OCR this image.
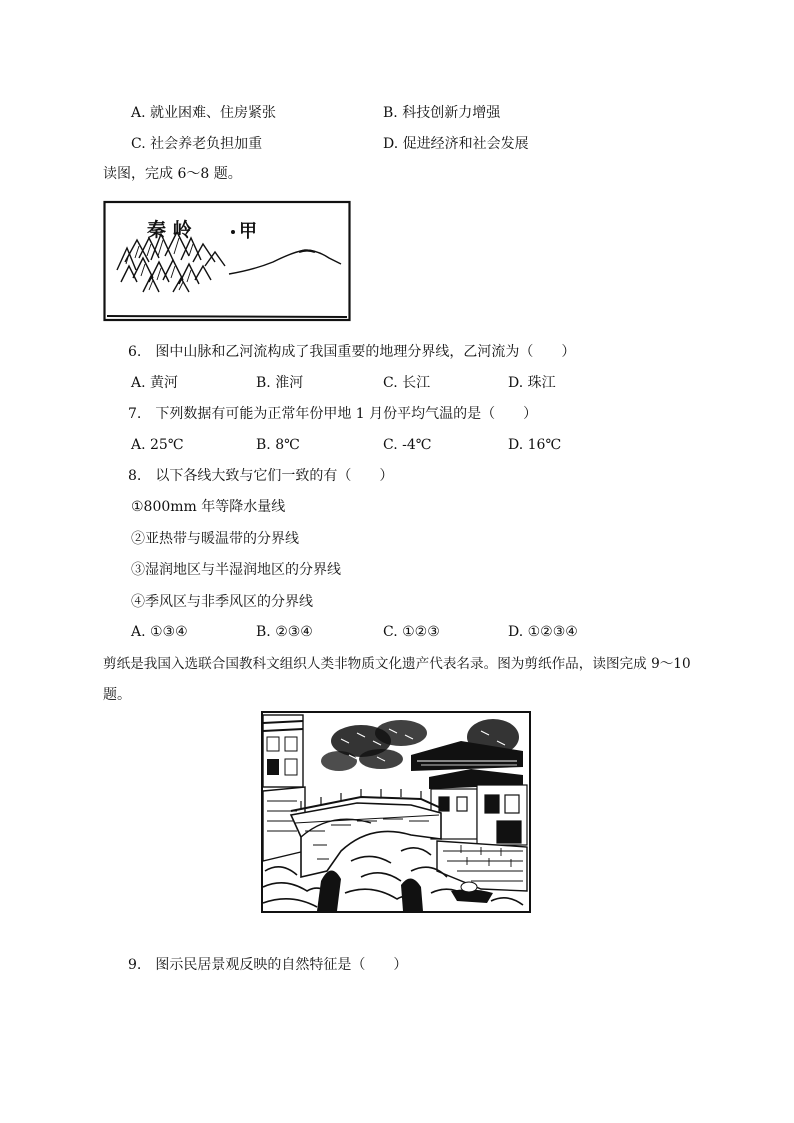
A. 就业困难、住房紧张	B. 科技创新力增强
C. 社会养老负担加重	D. 促进经济和社会发展
读图，完成 6～8 题。
秦 岭	甲
6.　图中山脉和乙河流构成了我国重要的地理分界线，乙河流为（　　）
A. 黄河	B. 淮河	C. 长江	D. 珠江
7.　下列数据有可能为正常年份甲地 1 月份平均气温的是（　　）
A. 25℃	B. 8℃	C. -4℃	D. 16℃
8.　以下各线大致与它们一致的有（　　）
①800mm 年等降水量线
②亚热带与暖温带的分界线
③湿润地区与半湿润地区的分界线
④季风区与非季风区的分界线
A. ①③④	B. ②③④	C. ①②③	D. ①②③④
剪纸是我国入选联合国教科文组织人类非物质文化遗产代表名录。图为剪纸作品，读图完成 9～10
题。
9.　图示民居景观反映的自然特征是（　　）
